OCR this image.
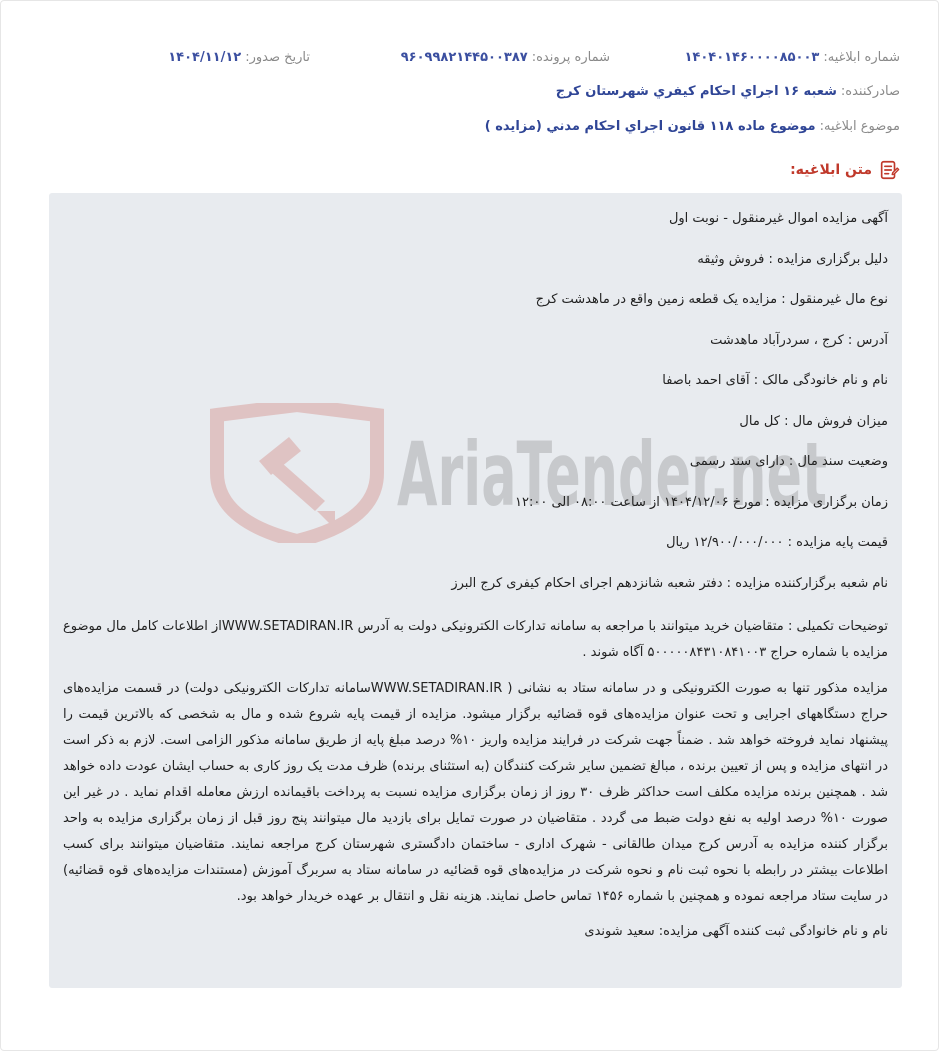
شماره ابلاغیه:
۱۴۰۴۰۱۴۶۰۰۰۰۸۵۰۰۳
شماره پرونده:
۹۶۰۹۹۸۲۱۴۴۵۰۰۳۸۷
تاریخ صدور:
۱۴۰۴/۱۱/۱۲
صادرکننده:
شعبه ۱۶ اجراي احكام كيفري شهرستان كرج
موضوع ابلاغیه:
موضوع ماده ۱۱۸ قانون اجراي احكام مدني (مزايده )
متن ابلاغیه:
AriaTender.net
آگهی مزایده اموال غیرمنقول - نوبت اول
دلیل برگزاری مزایده : فروش وثیقه
نوع مال غیرمنقول : مزایده یک قطعه زمین واقع در ماهدشت کرج
آدرس : کرج ، سردرآباد ماهدشت
نام و نام خانودگی مالک : آقای احمد باصفا
میزان فروش مال : کل مال
وضعیت سند مال : دارای سند رسمی
زمان برگزاری مزایده : مورخ ۱۴۰۴/۱۲/۰۶ از ساعت ۰۸:۰۰ الی ۱۲:۰۰
قیمت پایه مزایده : ۱۲/۹۰۰/۰۰۰/۰۰۰ ریال
نام شعبه برگزارکننده مزایده : دفتر شعبه شانزدهم اجرای احکام کیفری کرج البرز
توضیحات تکمیلی : متقاضیان خرید میتوانند با مراجعه به سامانه تدارکات الکترونیکی دولت به آدرس WWW.SETADIRAN.IRاز اطلاعات کامل مال موضوع مزایده با شماره حراج ۵۰۰۰۰۰۸۴۳۱۰۸۴۱۰۰۳ آگاه شوند .
مزایده مذکور تنها به صورت الکترونیکی و در سامانه ستاد به نشانی ( WWW.SETADIRAN.IRسامانه تدارکات الکترونیکی دولت) در قسمت مزایده‌های حراج دستگاههای اجرایی و تحت عنوان مزایده‌های قوه قضائیه برگزار میشود. مزایده از قیمت پایه شروع شده و مال به شخصی که بالاترین قیمت را پیشنهاد نماید فروخته خواهد شد . ضمناً جهت شرکت در فرایند مزایده واریز ۱۰% درصد مبلغ پایه از طریق سامانه مذکور الزامی است. لازم به ذکر است در انتهای مزایده و پس از تعیین برنده ، مبالغ تضمین سایر شرکت کنندگان (به استثنای برنده) ظرف مدت یک روز کاری به حساب ایشان عودت داده خواهد شد . همچنین برنده مزایده مکلف است حداکثر ظرف ۳۰ روز از زمان برگزاری مزایده نسبت به پرداخت باقیمانده ارزش معامله اقدام نماید . در غیر این صورت ۱۰% درصد اولیه به نفع دولت ضبط می گردد . متقاضیان در صورت تمایل برای بازدید مال میتوانند پنج روز قبل از زمان برگزاری مزایده به واحد برگزار کننده مزایده به آدرس کرج میدان طالقانی - شهرک اداری - ساختمان دادگستری شهرستان کرج مراجعه نمایند. متقاضیان میتوانند برای کسب اطلاعات بیشتر در رابطه با نحوه ثبت نام و نحوه شرکت در مزایده‌های قوه قضائیه در سامانه ستاد به سربرگ آموزش (مستندات مزایده‌های قوه قضائیه) در سایت ستاد مراجعه نموده و همچنین با شماره ۱۴۵۶ تماس حاصل نمایند. هزینه نقل و انتقال بر عهده خریدار خواهد بود.
نام و نام خانوادگی ثبت کننده آگهی مزایده: سعید شوندی
